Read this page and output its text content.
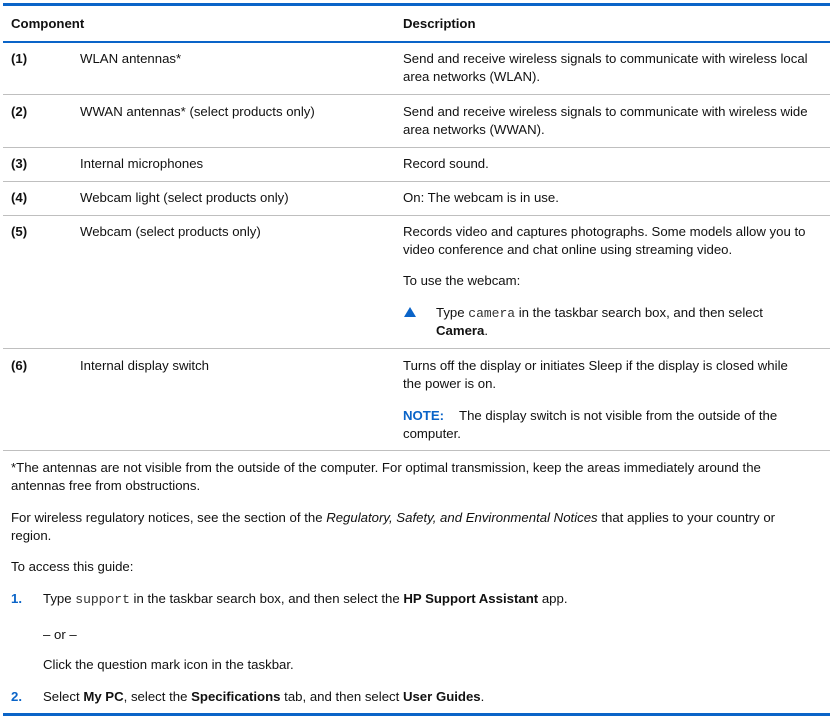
Component	Description
(1)	WLAN antennas*	Send and receive wireless signals to communicate with wireless local
area networks (WLAN).
(2)	WWAN antennas* (select products only)	Send and receive wireless signals to communicate with wireless wide
area networks (WWAN).
(3)	Internal microphones	Record sound.
(4)	Webcam light (select products only)	On: The webcam is in use.
(5)	Webcam (select products only)	Records video and captures photographs. Some models allow you to
video conference and chat online using streaming video.
To use the webcam:
Type camera in the taskbar search box, and then select
Camera.
(6)	Internal display switch	Turns off the display or initiates Sleep if the display is closed while
the power is on.
NOTE: The display switch is not visible from the outside of the
computer.
*The antennas are not visible from the outside of the computer. For optimal transmission, keep the areas immediately around the
antennas free from obstructions.
For wireless regulatory notices, see the section of the Regulatory, Safety, and Environmental Notices that applies to your country or
region.
To access this guide:
1. Type support in the taskbar search box, and then select the HP Support Assistant app.
– or –
Click the question mark icon in the taskbar.
2. Select My PC, select the Specifications tab, and then select User Guides.
